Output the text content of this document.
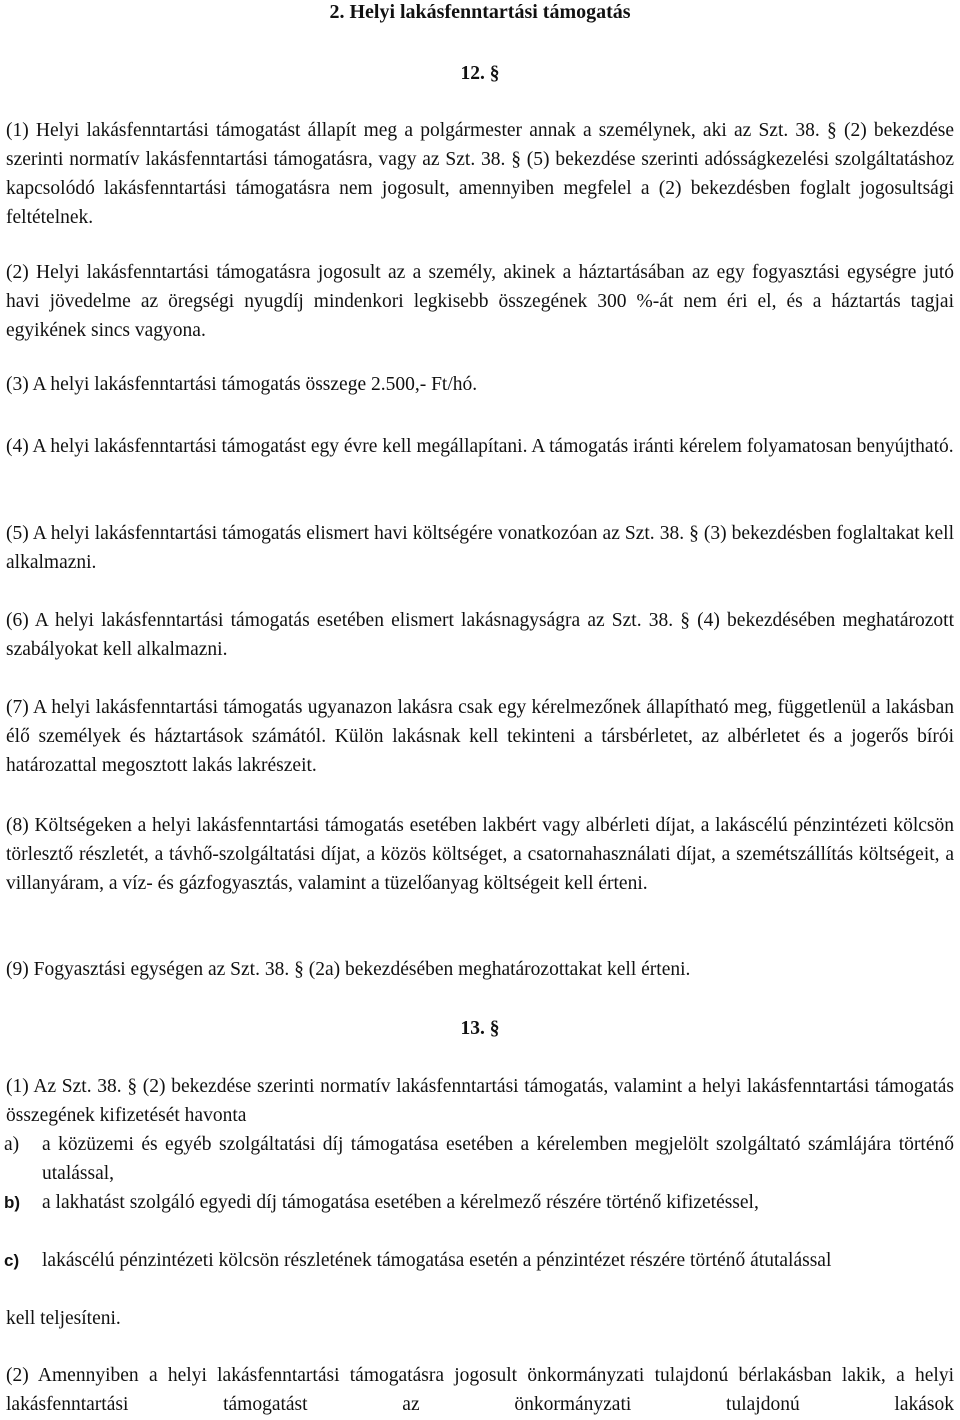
2. Helyi lakásfenntartási támogatás
12. §

(1) Helyi lakásfenntartási támogatást állapít meg a polgármester annak a személynek, aki az Szt. 38. § (2) bekezdése szerinti normatív lakásfenntartási támogatásra, vagy az Szt. 38. § (5) bekezdése szerinti adósságkezelési szolgáltatáshoz kapcsolódó lakásfenntartási támogatásra nem jogosult, amennyiben megfelel a (2) bekezdésben foglalt jogosultsági feltételnek.

(2) Helyi lakásfenntartási támogatásra jogosult az a személy, akinek a háztartásában az egy fogyasztási egységre jutó havi jövedelme az öregségi nyugdíj mindenkori legkisebb összegének 300 %-át nem éri el, és a háztartás tagjai egyikének sincs vagyona.

(3) A helyi lakásfenntartási támogatás összege 2.500,- Ft/hó.

(4) A helyi lakásfenntartási támogatást egy évre kell megállapítani. A támogatás iránti kérelem folyamatosan benyújtható.

(5) A helyi lakásfenntartási támogatás elismert havi költségére vonatkozóan az Szt. 38. § (3) bekezdésben foglaltakat kell alkalmazni.

(6) A helyi lakásfenntartási támogatás esetében elismert lakásnagyságra az Szt. 38. § (4) bekezdésében meghatározott szabályokat kell alkalmazni.

(7) A helyi lakásfenntartási támogatás ugyanazon lakásra csak egy kérelmezőnek állapítható meg, függetlenül a lakásban élő személyek és háztartások számától. Külön lakásnak kell tekinteni a társbérletet, az albérletet és a jogerős bírói határozattal megosztott lakás lakrészeit.

(8) Költségeken a helyi lakásfenntartási támogatás esetében lakbért vagy albérleti díjat, a lakáscélú pénzintézeti kölcsön törlesztő részletét, a távhő-szolgáltatási díjat, a közös költséget, a csatornahasználati díjat, a szemétszállítás költségeit, a villanyáram, a víz- és gázfogyasztás, valamint a tüzelőanyag költségeit kell érteni.

(9) Fogyasztási egységen az Szt. 38. § (2a) bekezdésében meghatározottakat kell érteni.

13. §

(1) Az Szt. 38. § (2) bekezdése szerinti normatív lakásfenntartási támogatás, valamint a helyi lakásfenntartási támogatás összegének kifizetését havonta

a)	a közüzemi és egyéb szolgáltatási díj támogatása esetében a kérelemben megjelölt szolgáltató számlájára történő utalással,
b)	a lakhatást szolgáló egyedi díj támogatása esetében a kérelmező részére történő kifizetéssel,
c)	lakáscélú pénzintézeti kölcsön részletének támogatása esetén a pénzintézet részére történő átutalással

kell teljesíteni.

(2) Amennyiben a helyi lakásfenntartási támogatásra jogosult önkormányzati tulajdonú bérlakásban lakik, a helyi lakásfenntartási támogatást az önkormányzati tulajdonú lakások
